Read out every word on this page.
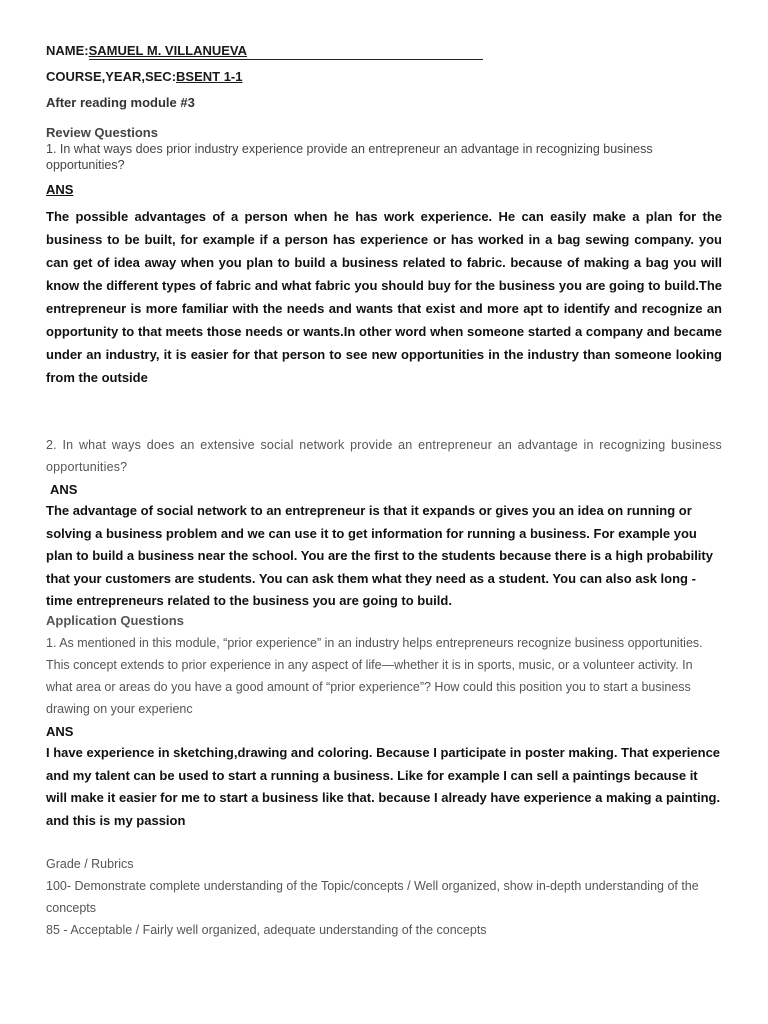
NAME:SAMUEL M. VILLANUEVA
COURSE,YEAR,SEC:BSENT 1-1
After reading module #3
Review Questions
1. In what ways does prior industry experience provide an entrepreneur an advantage in recognizing business opportunities?
ANS
The possible advantages of a person when he has work experience. He can easily make a plan for the business to be built, for example if a person has experience or has worked in a bag sewing company. you can get of idea away when you plan to build a business related to fabric. because of making a bag you will know the different types of fabric and what fabric you should buy for the business you are going to build.The entrepreneur is more familiar with the needs and wants that exist and more apt to identify and recognize an opportunity to that meets those needs or wants.In other word when someone started a company and became under an industry, it is easier for that person to see new opportunities in the industry than someone looking from the outside
2. In what ways does an extensive social network provide an entrepreneur an advantage in recognizing business opportunities?
ANS
The advantage of social network to an entrepreneur is that it expands or gives you an idea on running or solving a business problem and we can use it to get information for running a business. For example you plan to build a business near the school. You are the first to the students because there is a high probability that your customers are students. You can ask them what they need as a student. You can also ask long -time entrepreneurs related to the business you are going to build.
Application Questions
1. As mentioned in this module, “prior experience” in an industry helps entrepreneurs recognize business opportunities. This concept extends to prior experience in any aspect of life—whether it is in sports, music, or a volunteer activity. In what area or areas do you have a good amount of “prior experience”? How could this position you to start a business drawing on your experienc
ANS
I have experience in sketching,drawing and coloring. Because I participate in poster making. That experience and my talent can be used to start a running a business. Like for example I can sell a paintings because it will make it easier for me to start a business like that. because I already have experience a making a painting. and this is my passion
Grade / Rubrics
100- Demonstrate complete understanding of the Topic/concepts / Well organized, show in-depth understanding of the concepts
85 - Acceptable / Fairly well organized, adequate understanding of the concepts
